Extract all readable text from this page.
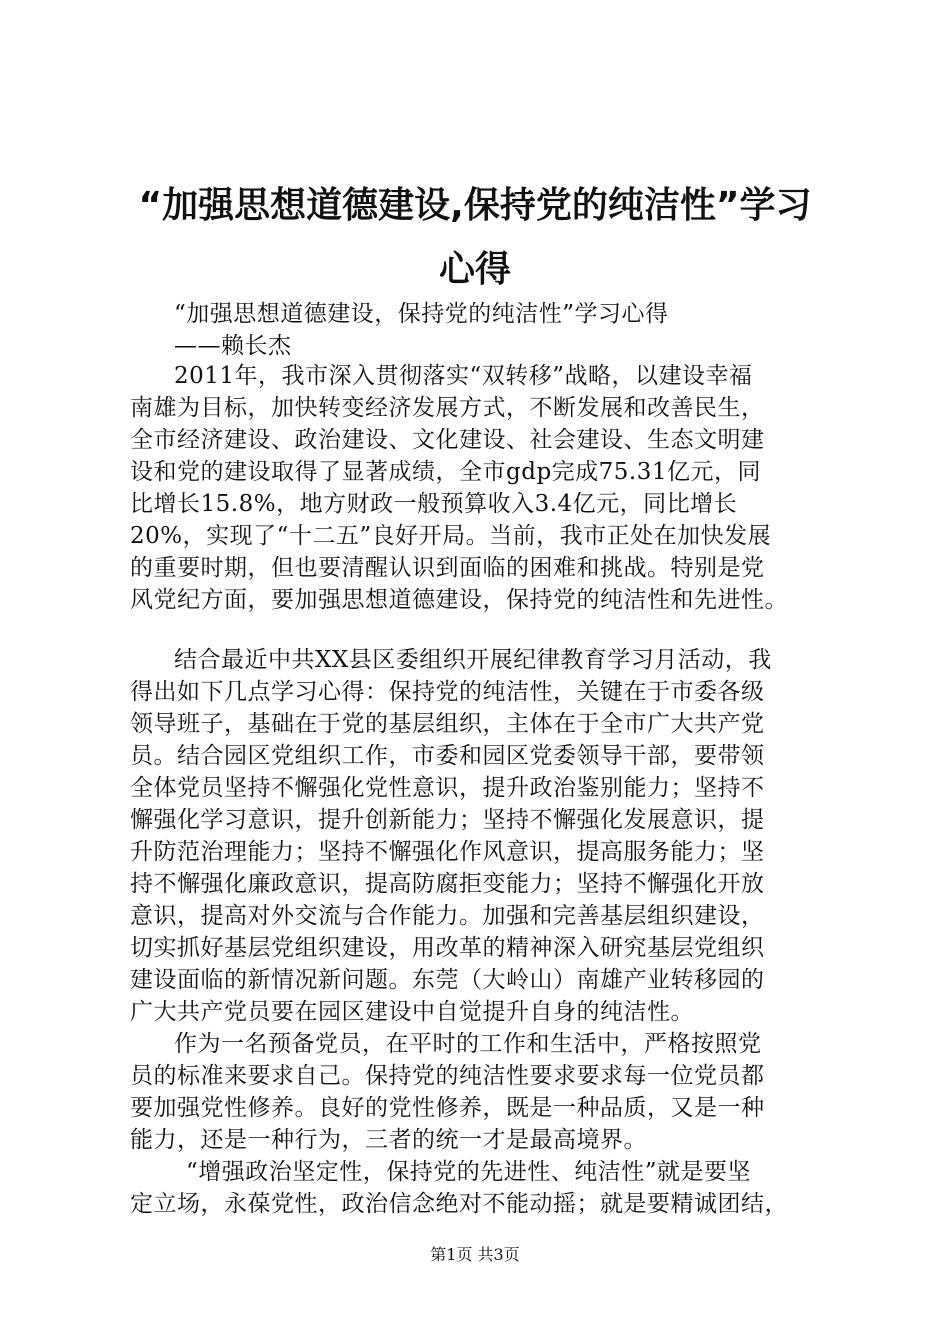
“加强思想道德建设,保持党的纯洁性”学习
心得
“加强思想道德建设，保持党的纯洁性”学习心得
——赖长杰
2011年，我市深入贯彻落实“双转移”战略，以建设幸福
南雄为目标，加快转变经济发展方式，不断发展和改善民生，
全市经济建设、政治建设、文化建设、社会建设、生态文明建
设和党的建设取得了显著成绩，全市gdp完成75.31亿元，同
比增长15.8%，地方财政一般预算收入3.4亿元，同比增长
20%，实现了“十二五”良好开局。当前，我市正处在加快发展
的重要时期，但也要清醒认识到面临的困难和挑战。特别是党
风党纪方面，要加强思想道德建设，保持党的纯洁性和先进性。
结合最近中共XX县区委组织开展纪律教育学习月活动，我
得出如下几点学习心得：保持党的纯洁性，关键在于市委各级
领导班子，基础在于党的基层组织，主体在于全市广大共产党
员。结合园区党组织工作，市委和园区党委领导干部，要带领
全体党员坚持不懈强化党性意识，提升政治鉴别能力；坚持不
懈强化学习意识，提升创新能力；坚持不懈强化发展意识，提
升防范治理能力；坚持不懈强化作风意识，提高服务能力；坚
持不懈强化廉政意识，提高防腐拒变能力；坚持不懈强化开放
意识，提高对外交流与合作能力。加强和完善基层组织建设，
切实抓好基层党组织建设，用改革的精神深入研究基层党组织
建设面临的新情况新问题。东莞（大岭山）南雄产业转移园的
广大共产党员要在园区建设中自觉提升自身的纯洁性。
作为一名预备党员，在平时的工作和生活中，严格按照党
员的标准来要求自己。保持党的纯洁性要求要求每一位党员都
要加强党性修养。良好的党性修养，既是一种品质，又是一种
能力，还是一种行为，三者的统一才是最高境界。
“增强政治坚定性，保持党的先进性、纯洁性”就是要坚
定立场，永葆党性，政治信念绝对不能动摇；就是要精诚团结，
第1页 共3页
